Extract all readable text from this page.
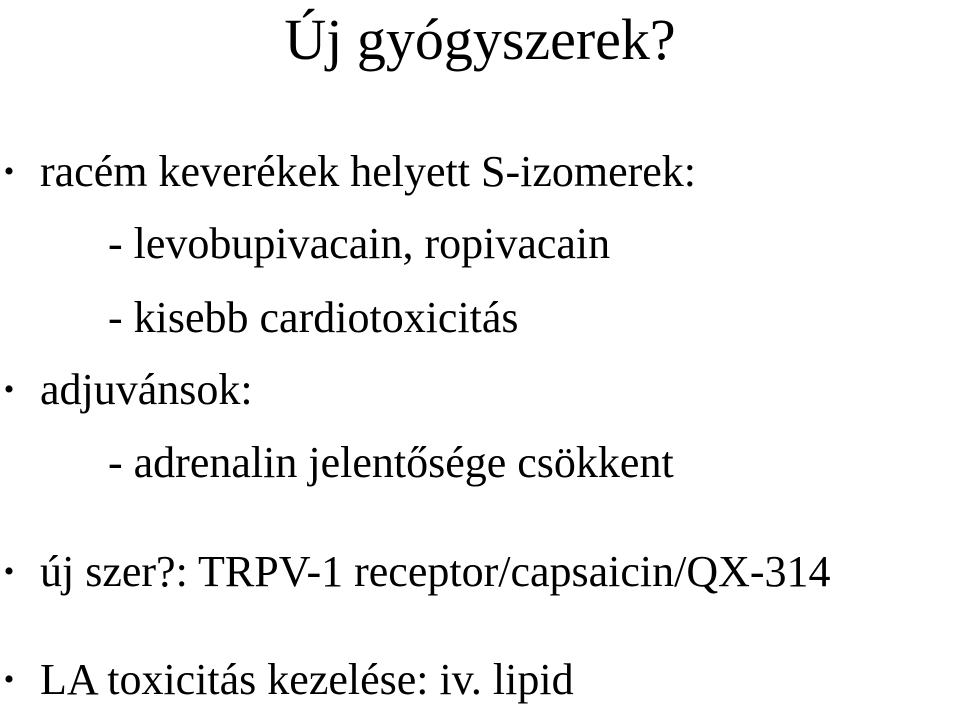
Új gyógyszerek?
• racém keverékek helyett S-izomerek:
- levobupivacain, ropivacain
- kisebb cardiotoxicitás
• adjuvánsok:
- adrenalin jelentősége csökkent
• új szer?: TRPV-1 receptor/capsaicin/QX-314
• LA toxicitás kezelése: iv. lipid
